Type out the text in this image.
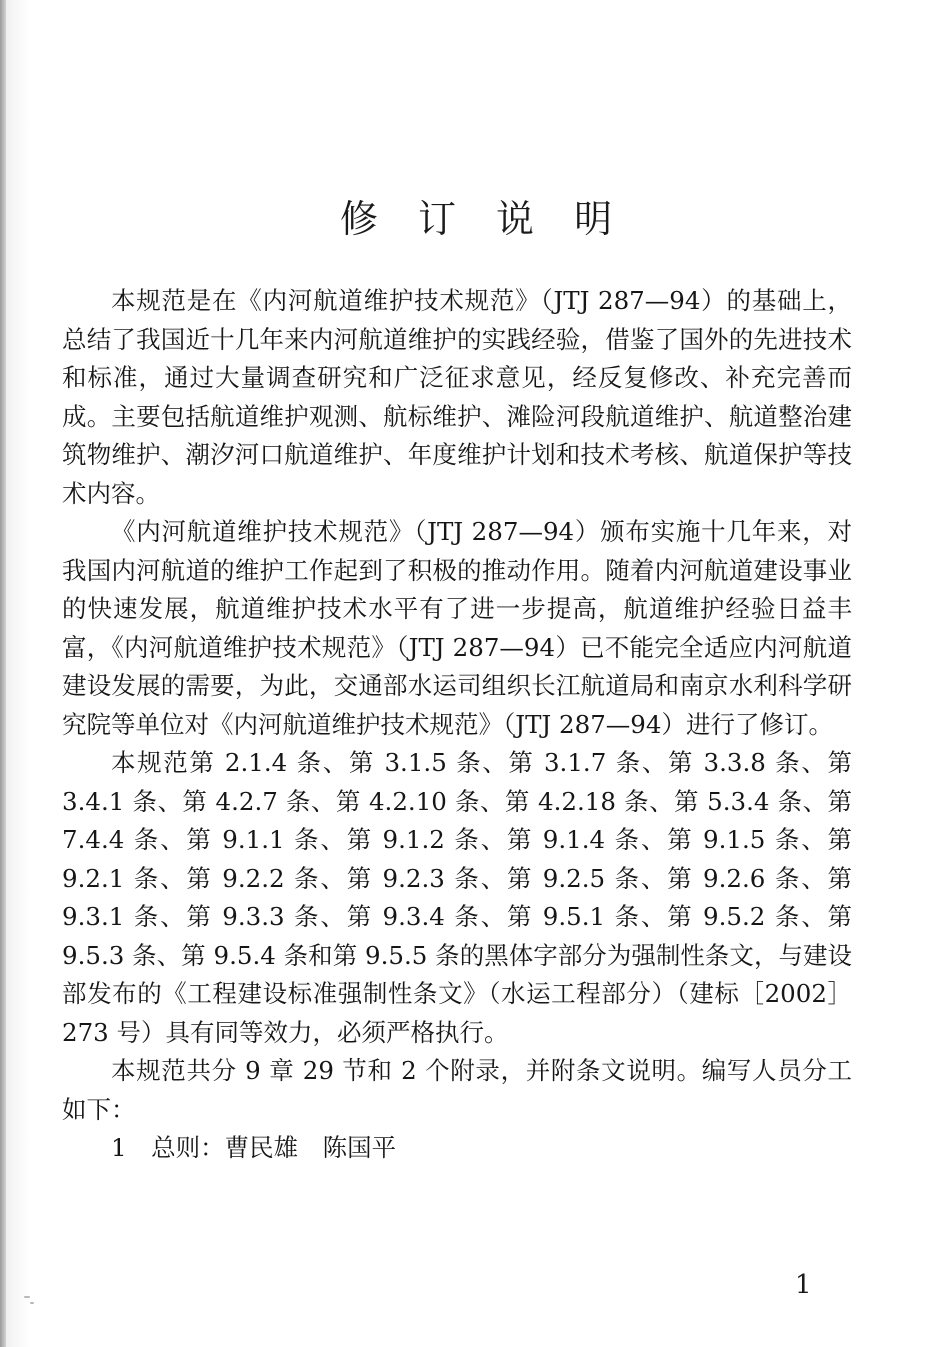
修 订 说 明

本规范是在《内河航道维护技术规范》（JTJ 287—94）的基础上，总结了我国近十几年来内河航道维护的实践经验，借鉴了国外的先进技术和标准，通过大量调查研究和广泛征求意见，经反复修改、补充完善而成。主要包括航道维护观测、航标维护、滩险河段航道维护、航道整治建筑物维护、潮汐河口航道维护、年度维护计划和技术考核、航道保护等技术内容。

《内河航道维护技术规范》（JTJ 287—94）颁布实施十几年来，对我国内河航道的维护工作起到了积极的推动作用。随着内河航道建设事业的快速发展，航道维护技术水平有了进一步提高，航道维护经验日益丰富，《内河航道维护技术规范》（JTJ 287—94）已不能完全适应内河航道建设发展的需要，为此，交通部水运司组织长江航道局和南京水利科学研究院等单位对《内河航道维护技术规范》（JTJ 287—94）进行了修订。

本规范第 2.1.4 条、第 3.1.5 条、第 3.1.7 条、第 3.3.8 条、第 3.4.1 条、第 4.2.7 条、第 4.2.10 条、第 4.2.18 条、第 5.3.4 条、第 7.4.4 条、第 9.1.1 条、第 9.1.2 条、第 9.1.4 条、第 9.1.5 条、第 9.2.1 条、第 9.2.2 条、第 9.2.3 条、第 9.2.5 条、第 9.2.6 条、第 9.3.1 条、第 9.3.3 条、第 9.3.4 条、第 9.5.1 条、第 9.5.2 条、第 9.5.3 条、第 9.5.4 条和第 9.5.5 条的黑体字部分为强制性条文，与建设部发布的《工程建设标准强制性条文》（水运工程部分）（建标［2002］273 号）具有同等效力，必须严格执行。

本规范共分 9 章 29 节和 2 个附录，并附条文说明。编写人员分工如下：

1　总则：曹民雄　陈国平
1
